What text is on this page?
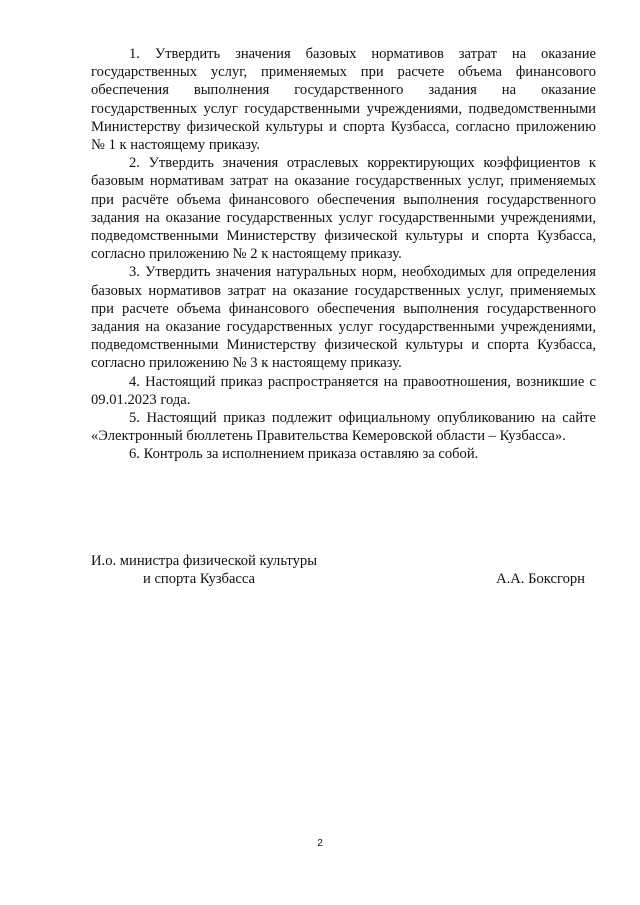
1. Утвердить значения базовых нормативов затрат на оказание государственных услуг, применяемых при расчете объема финансового обеспечения выполнения государственного задания на оказание государственных услуг государственными учреждениями, подведомственными Министерству физической культуры и спорта Кузбасса, согласно приложению № 1 к настоящему приказу.

2. Утвердить значения отраслевых корректирующих коэффициентов к базовым нормативам затрат на оказание государственных услуг, применяемых при расчёте объема финансового обеспечения выполнения государственного задания на оказание государственных услуг государственными учреждениями, подведомственными Министерству физической культуры и спорта Кузбасса, согласно приложению № 2 к настоящему приказу.

3. Утвердить значения натуральных норм, необходимых для определения базовых нормативов затрат на оказание государственных услуг, применяемых при расчете объема финансового обеспечения выполнения государственного задания на оказание государственных услуг государственными учреждениями, подведомственными Министерству физической культуры и спорта Кузбасса, согласно приложению № 3 к настоящему приказу.

4. Настоящий приказ распространяется на правоотношения, возникшие с 09.01.2023 года.

5. Настоящий приказ подлежит официальному опубликованию на сайте «Электронный бюллетень Правительства Кемеровской области – Кузбасса».

6. Контроль за исполнением приказа оставляю за собой.

И.о. министра физической культуры

и спорта Кузбасса	А.А. Боксгорн
2
